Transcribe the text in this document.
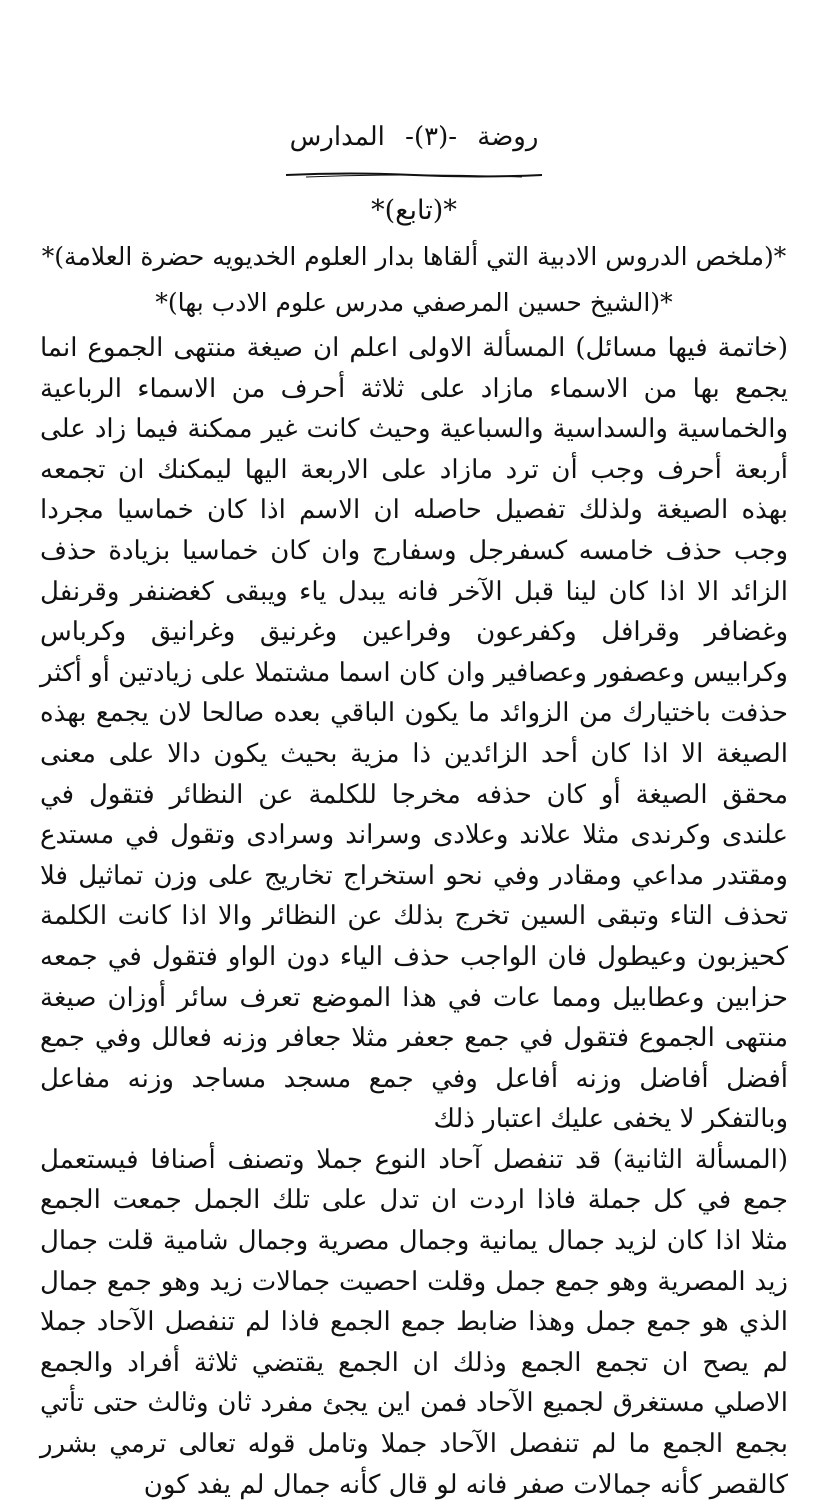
روضة -(٣)- المدارس
*(تابع)*
*(ملخص الدروس الادبية التي ألقاها بدار العلوم الخديويه حضرة العلامة)*
*(الشيخ حسين المرصفي مدرس علوم الادب بها)*

(خاتمة فيها مسائل) المسألة الاولى اعلم ان صيغة منتهى الجموع انما يجمع بها من الاسماء مازاد على ثلاثة أحرف من الاسماء الرباعية والخماسية والسداسية والسباعية وحيث كانت غير ممكنة فيما زاد على أربعة أحرف وجب أن ترد مازاد على الاربعة اليها ليمكنك ان تجمعه بهذه الصيغة ولذلك تفصيل حاصله ان الاسم اذا كان خماسيا مجردا وجب حذف خامسه كسفرجل وسفارج وان كان خماسيا بزيادة حذف الزائد الا اذا كان لينا قبل الآخر فانه يبدل ياء ويبقى كغضنفر وقرنفل وغضافر وقرافل وكفرعون وفراعين وغرنيق وغرانيق وكرباس وكرابيس وعصفور وعصافير وان كان اسما مشتملا على زيادتين أو أكثر حذفت باختيارك من الزوائد ما يكون الباقي بعده صالحا لان يجمع بهذه الصيغة الا اذا كان أحد الزائدين ذا مزية بحيث يكون دالا على معنى محقق الصيغة أو كان حذفه مخرجا للكلمة عن النظائر فتقول في علندى وكرندى مثلا علاند وعلادى وسراند وسرادى وتقول في مستدع ومقتدر مداعي ومقادر وفي نحو استخراج تخاريج على وزن تماثيل فلا تحذف التاء وتبقى السين تخرج بذلك عن النظائر والا اذا كانت الكلمة كحيزبون وعيطول فان الواجب حذف الياء دون الواو فتقول في جمعه حزابين وعطابيل ومما عات في هذا الموضع تعرف سائر أوزان صيغة منتهى الجموع فتقول في جمع جعفر مثلا جعافر وزنه فعالل وفي جمع أفضل أفاضل وزنه أفاعل وفي جمع مسجد مساجد وزنه مفاعل وبالتفكر لا يخفى عليك اعتبار ذلك

(المسألة الثانية) قد تنفصل آحاد النوع جملا وتصنف أصنافا فيستعمل جمع في كل جملة فاذا اردت ان تدل على تلك الجمل جمعت الجمع مثلا اذا كان لزيد جمال يمانية وجمال مصرية وجمال شامية قلت جمال زيد المصرية وهو جمع جمل وقلت احصيت جمالات زيد وهو جمع جمال الذي هو جمع جمل وهذا ضابط جمع الجمع فاذا لم تنفصل الآحاد جملا لم يصح ان تجمع الجمع وذلك ان الجمع يقتضي ثلاثة أفراد والجمع الاصلي مستغرق لجميع الآحاد فمن اين يجئ مفرد ثان وثالث حتى تأتي بجمع الجمع ما لم تنفصل الآحاد جملا وتامل قوله تعالى ترمي بشرر كالقصر كأنه جمالات صفر فانه لو قال كأنه جمال لم يفد كون
